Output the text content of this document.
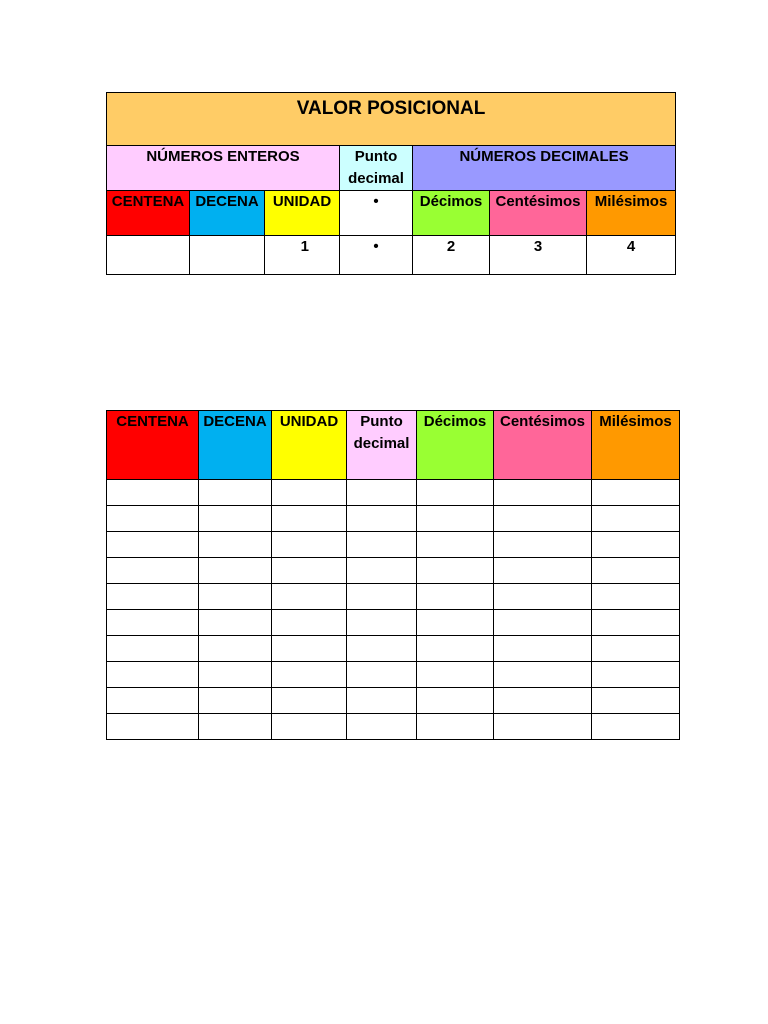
VALOR POSICIONAL						
NÚMEROS ENTEROS			Punto decimal	NÚMEROS DECIMALES		
CENTENA	DECENA	UNIDAD	•	Décimos	Centésimos	Milésimos
		1	•	2	3	4
CENTENA	DECENA	UNIDAD	Punto decimal	Décimos	Centésimos	Milésimos
